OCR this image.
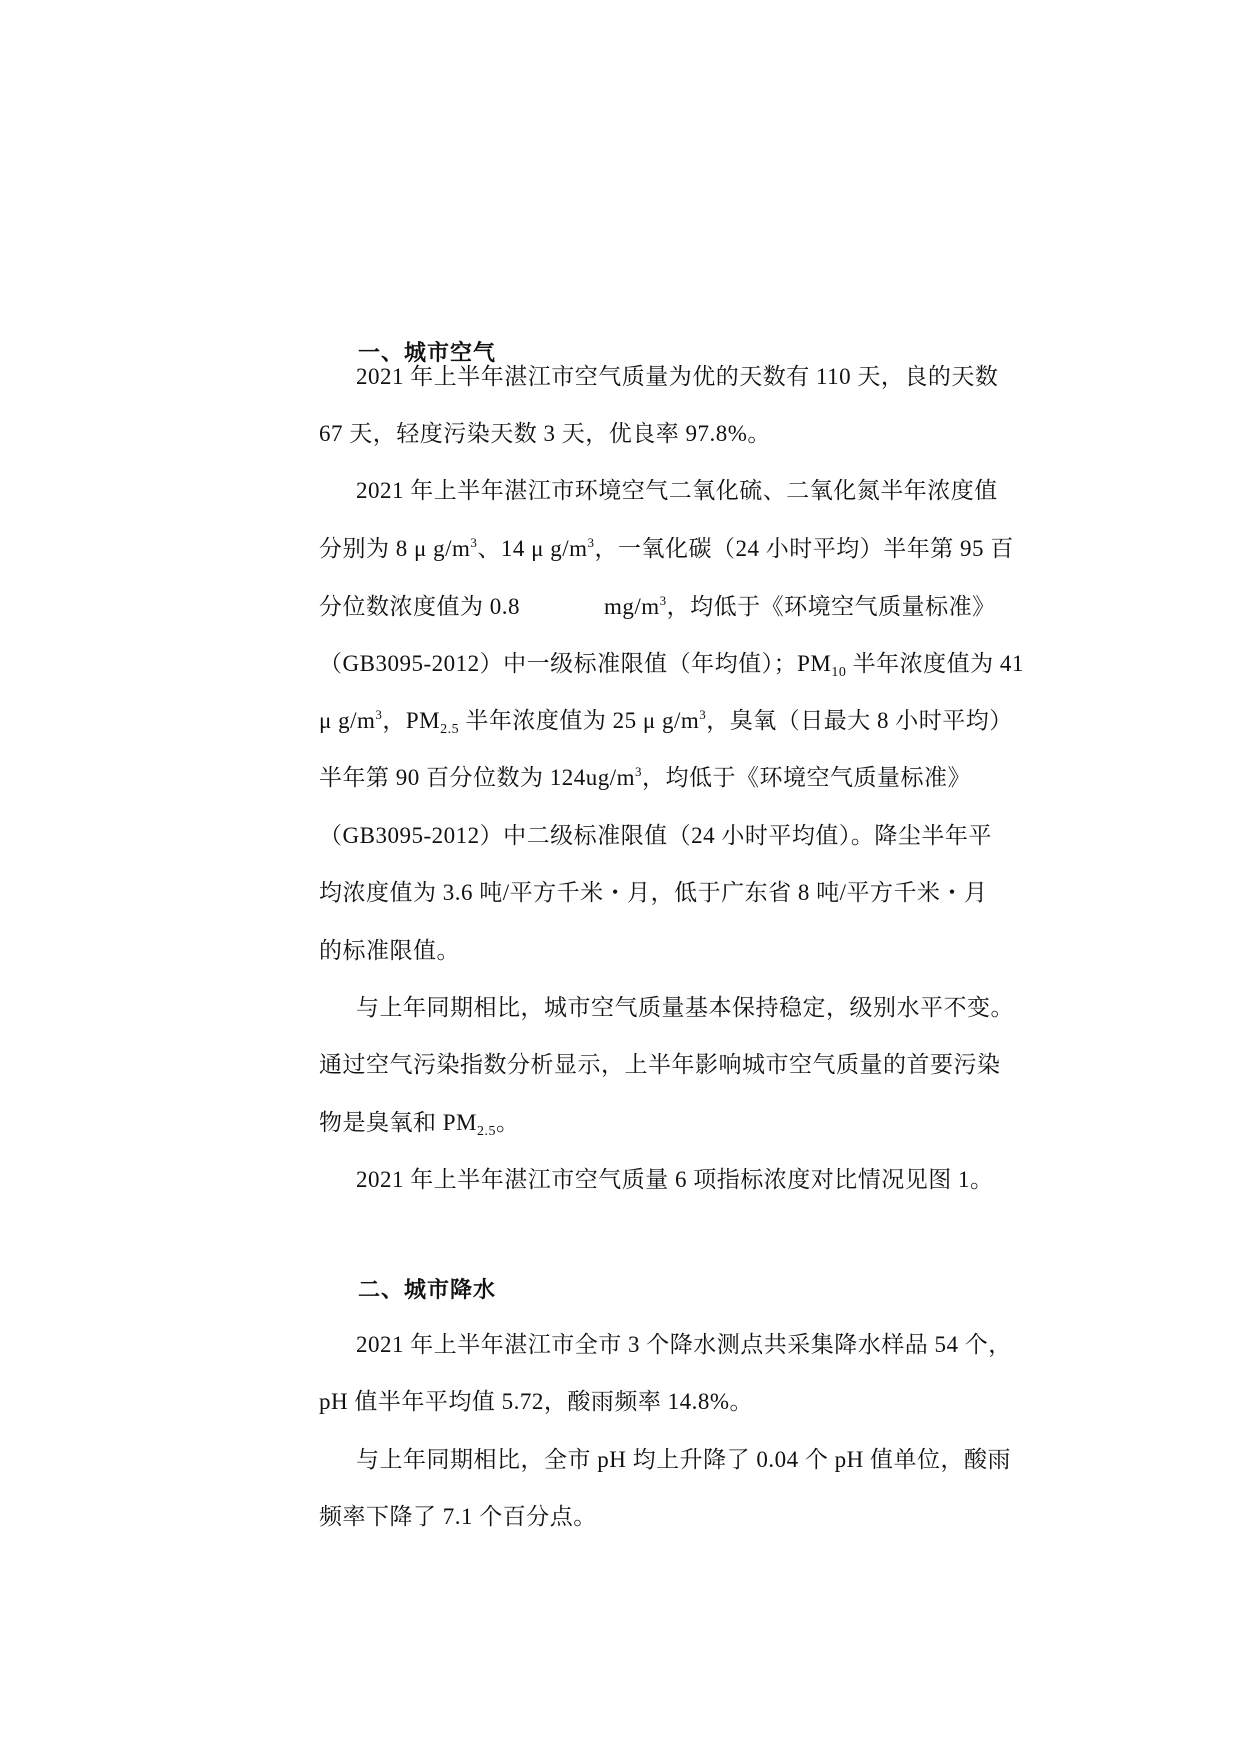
一、城市空气
2021 年上半年湛江市空气质量为优的天数有 110 天，良的天数
67 天，轻度污染天数 3 天，优良率 97.8%。
2021 年上半年湛江市环境空气二氧化硫、二氧化氮半年浓度值
分别为 8 μ $g/m^3$、14 μ $g/m^3$，一氧化碳（24 小时平均）半年第 95 百
分位数浓度值为 0.8	$mg/m^3$，均低于《环境空气质量标准》
（GB3095-2012）中一级标准限值（年均值）；$PM_{10}$ 半年浓度值为 41
μ $g/m^3$，$PM_{2.5}$ 半年浓度值为 25 μ $g/m^3$，臭氧（日最大 8 小时平均）
半年第 90 百分位数为 $124ug/m^3$，均低于《环境空气质量标准》
（GB3095-2012）中二级标准限值（24 小时平均值）。降尘半年平
均浓度值为 3.6 吨/平方千米・月，低于广东省 8 吨/平方千米・月
的标准限值。
与上年同期相比，城市空气质量基本保持稳定，级别水平不变。
通过空气污染指数分析显示，上半年影响城市空气质量的首要污染
物是臭氧和 $PM_{2.5}$。
2021 年上半年湛江市空气质量 6 项指标浓度对比情况见图 1。
二、城市降水
2021 年上半年湛江市全市 3 个降水测点共采集降水样品 54 个，
pH 值半年平均值 5.72，酸雨频率 14.8%。
与上年同期相比，全市 pH 均上升降了 0.04 个 pH 值单位，酸雨
频率下降了 7.1 个百分点。
